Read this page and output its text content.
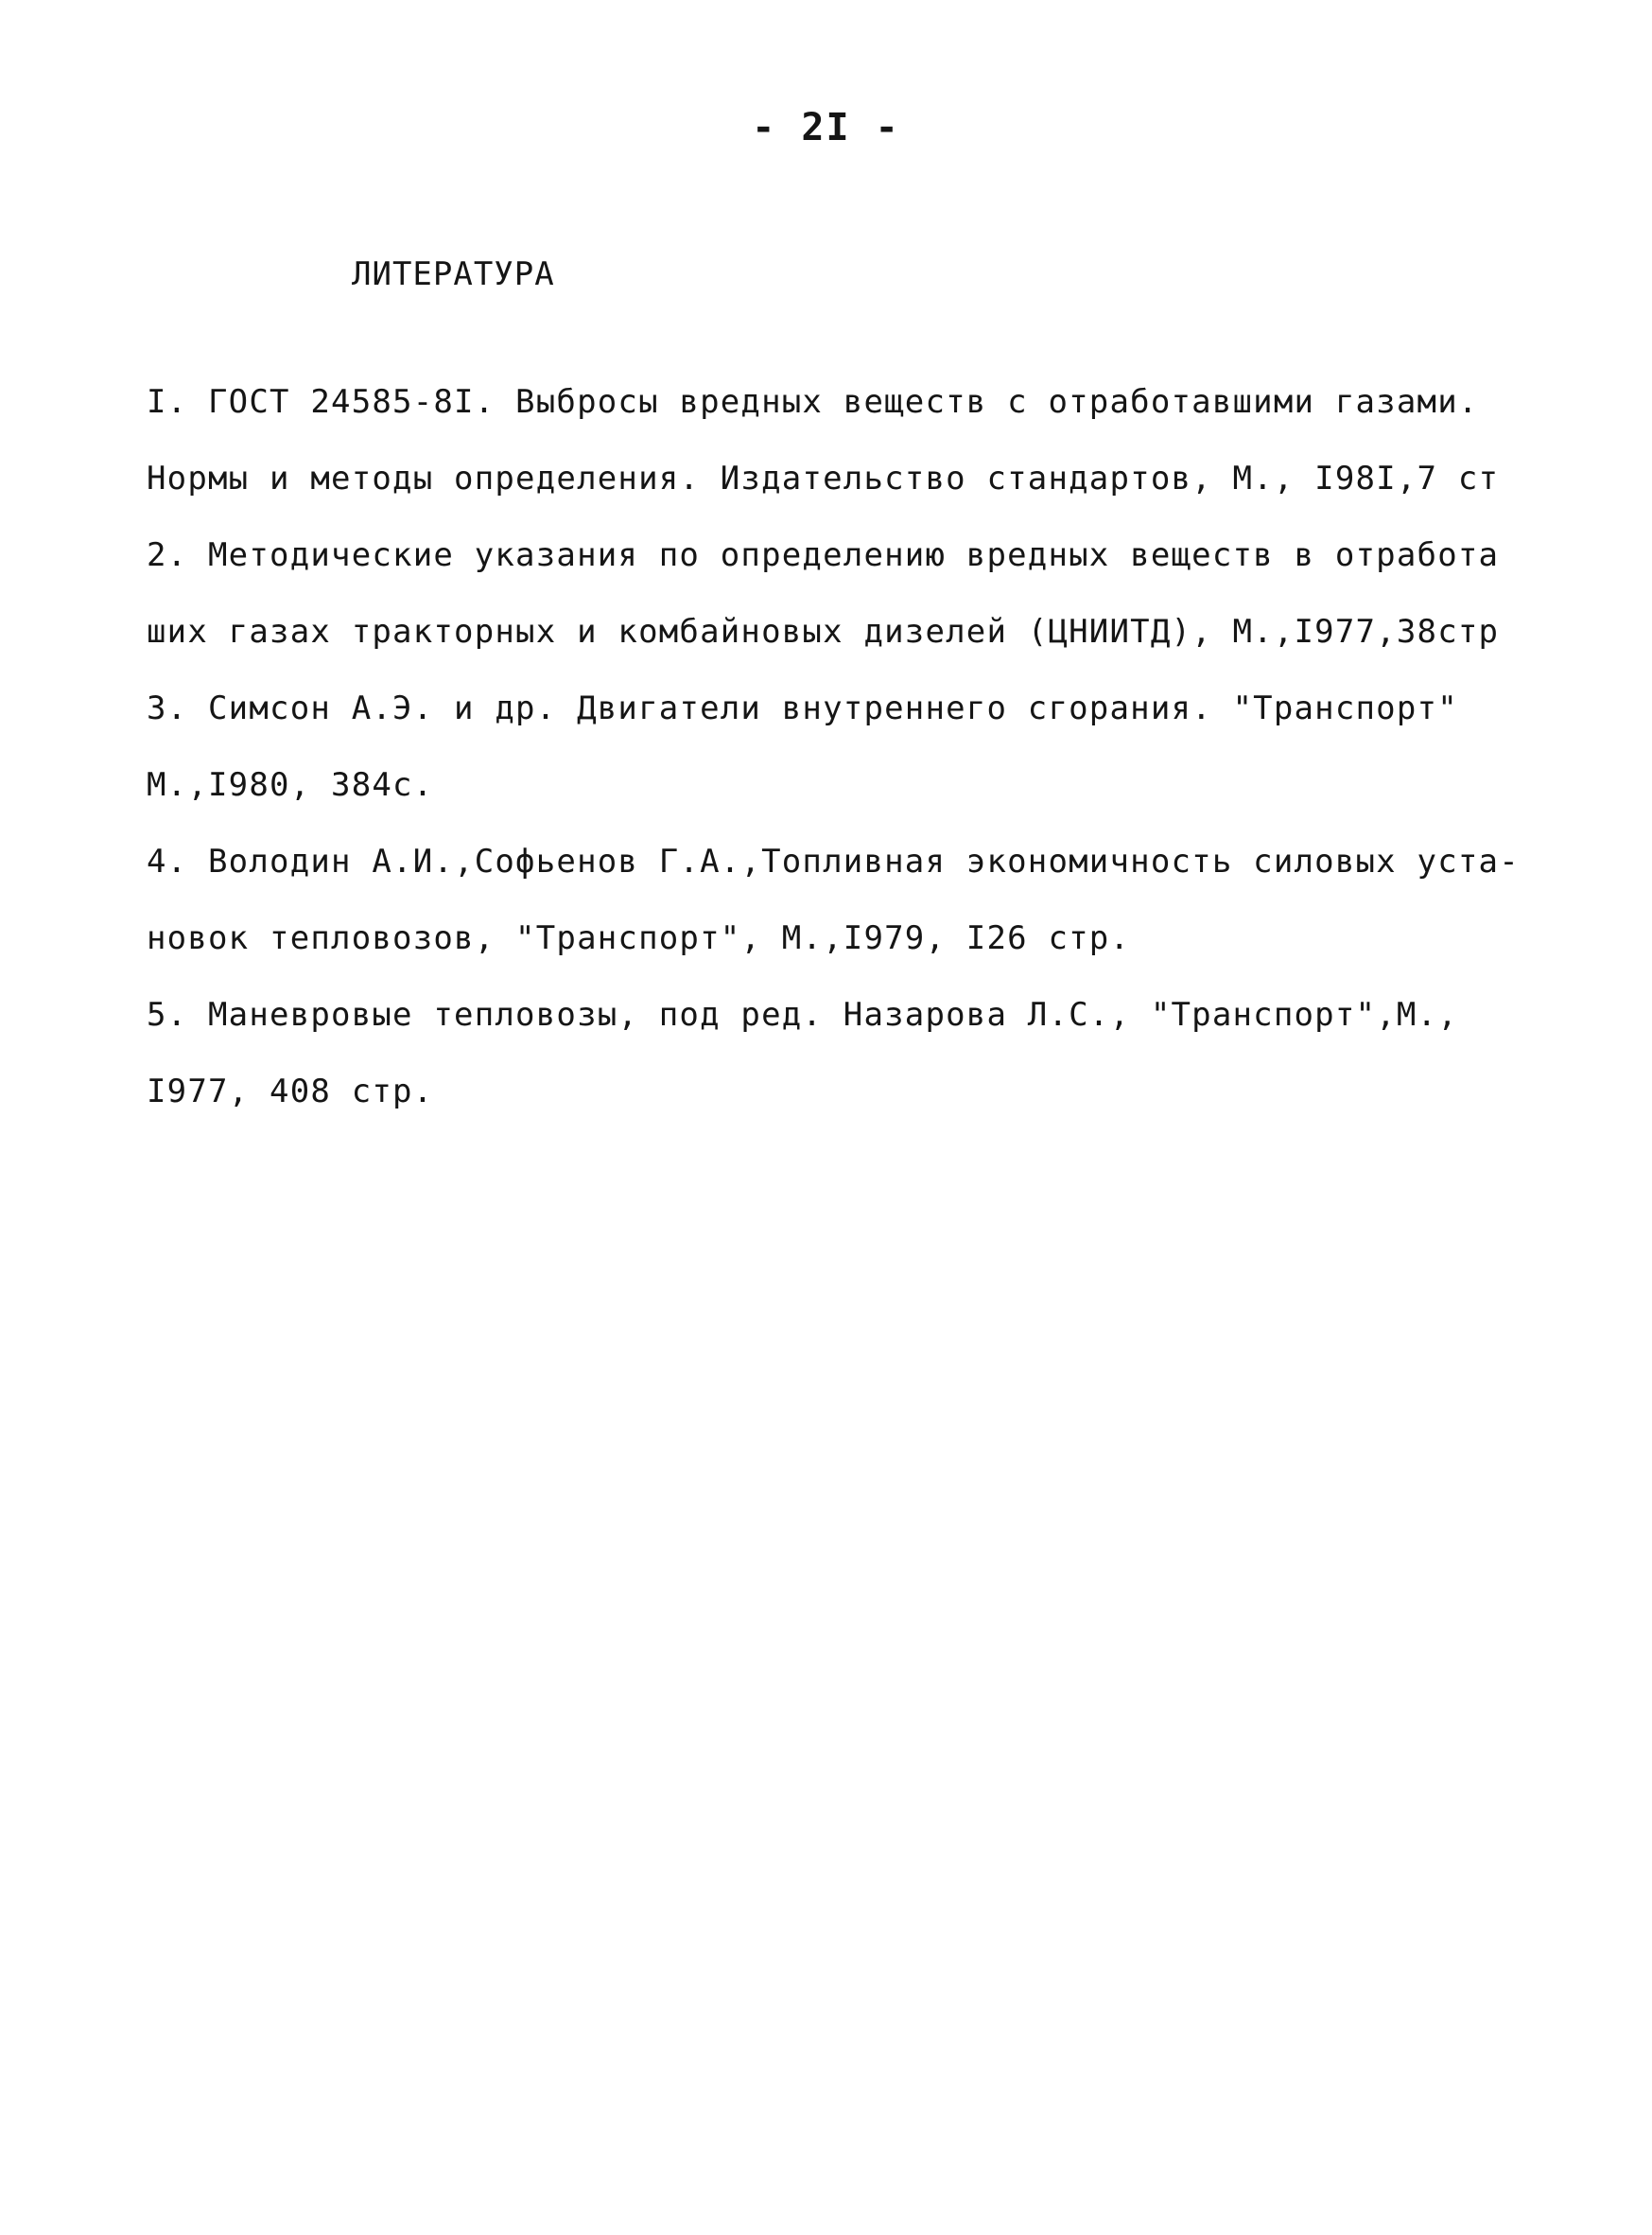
- 2I -
ЛИТЕРАТУРА
I. ГОСТ 24585-8I. Выбросы вредных веществ с отработавшими газами.
Нормы и методы определения. Издательство стандартов, М., I98I,7 ст
2. Методические указания по определению вредных веществ в отработа
ших газах тракторных и комбайновых дизелей (ЦНИИТД), М.,I977,38стр
3. Симсон А.Э. и др. Двигатели внутреннего сгорания. "Транспорт"
М.,I980, 384с.
4. Володин А.И.,Софьенов Г.А.,Топливная экономичность силовых уста-
новок тепловозов, "Транспорт", М.,I979, I26 стр.
5. Маневровые тепловозы, под ред. Назарова Л.С., "Транспорт",М.,
I977, 408 стр.
